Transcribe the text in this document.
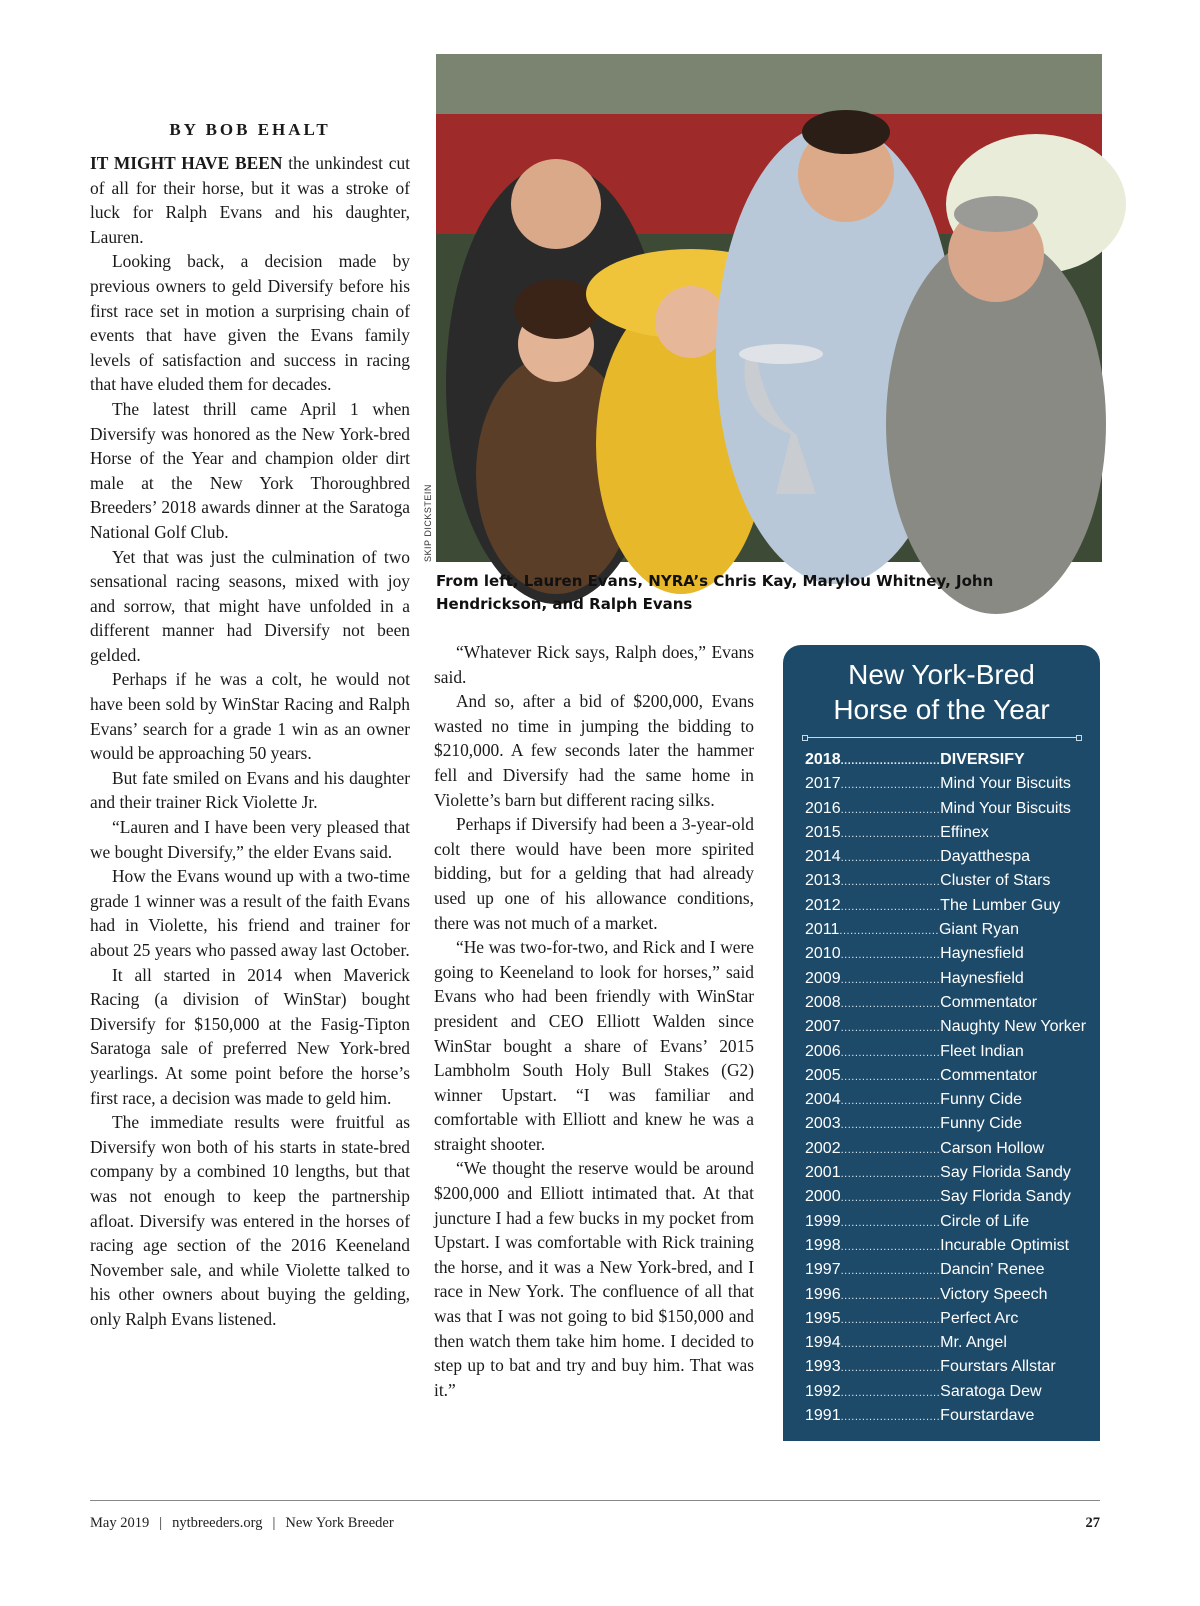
BY BOB EHALT

IT MIGHT HAVE BEEN the unkindest cut of all for their horse, but it was a stroke of luck for Ralph Evans and his daughter, Lauren.

Looking back, a decision made by previous owners to geld Diversify before his first race set in motion a surprising chain of events that have given the Evans family levels of satisfaction and success in racing that have eluded them for decades.

The latest thrill came April 1 when Diversify was honored as the New York-bred Horse of the Year and champion older dirt male at the New York Thoroughbred Breeders’ 2018 awards dinner at the Saratoga National Golf Club.

Yet that was just the culmination of two sensational racing seasons, mixed with joy and sorrow, that might have unfolded in a different manner had Diversify not been gelded.

Perhaps if he was a colt, he would not have been sold by WinStar Racing and Ralph Evans’ search for a grade 1 win as an owner would be approaching 50 years.

But fate smiled on Evans and his daughter and their trainer Rick Violette Jr.

“Lauren and I have been very pleased that we bought Diversify,” the elder Evans said.

How the Evans wound up with a two-time grade 1 winner was a result of the faith Evans had in Violette, his friend and trainer for about 25 years who passed away last October.

It all started in 2014 when Maverick Racing (a division of WinStar) bought Diversify for $150,000 at the Fasig-Tipton Saratoga sale of preferred New York-bred yearlings. At some point before the horse’s first race, a decision was made to geld him.

The immediate results were fruitful as Diversify won both of his starts in state-bred company by a combined 10 lengths, but that was not enough to keep the partnership afloat. Diversify was entered in the horses of racing age section of the 2016 Keeneland November sale, and while Violette talked to his other owners about buying the gelding, only Ralph Evans listened.

SKIP DICKSTEIN
From left, Lauren Evans, NYRA’s Chris Kay, Marylou Whitney, John Hendrickson, and Ralph Evans

“Whatever Rick says, Ralph does,” Evans said.

And so, after a bid of $200,000, Evans wasted no time in jumping the bidding to $210,000. A few seconds later the hammer fell and Diversify had the same home in Violette’s barn but different racing silks.

Perhaps if Diversify had been a 3-year-old colt there would have been more spirited bidding, but for a gelding that had already used up one of his allowance conditions, there was not much of a market.

“He was two-for-two, and Rick and I were going to Keeneland to look for horses,” said Evans who had been friendly with WinStar president and CEO Elliott Walden since WinStar bought a share of Evans’ 2015 Lambholm South Holy Bull Stakes (G2) winner Upstart. “I was familiar and comfortable with Elliott and knew he was a straight shooter.

“We thought the reserve would be around $200,000 and Elliott intimated that. At that juncture I had a few bucks in my pocket from Upstart. I was comfortable with Rick training the horse, and it was a New York-bred, and I race in New York. The confluence of all that was that I was not going to bid $150,000 and then watch them take him home. I decided to step up to bat and try and buy him. That was it.”

New York-Bred
Horse of the Year
2018 ............................ DIVERSIFY
2017 ............................ Mind Your Biscuits
2016 ............................ Mind Your Biscuits
2015 ............................ Effinex
2014 ............................ Dayatthespa
2013 ............................ Cluster of Stars
2012 ............................ The Lumber Guy
2011 ............................ Giant Ryan
2010 ............................ Haynesfield
2009 ............................ Haynesfield
2008 ............................ Commentator
2007 ............................ Naughty New Yorker
2006 ............................ Fleet Indian
2005 ............................ Commentator
2004 ............................ Funny Cide
2003 ............................ Funny Cide
2002 ............................ Carson Hollow
2001 ............................ Say Florida Sandy
2000 ............................ Say Florida Sandy
1999 ............................ Circle of Life
1998 ............................ Incurable Optimist
1997 ............................ Dancin’ Renee
1996 ............................ Victory Speech
1995 ............................ Perfect Arc
1994 ............................ Mr. Angel
1993 ............................ Fourstars Allstar
1992 ............................ Saratoga Dew
1991 ............................ Fourstardave
May 2019 | nytbreeders.org | New York Breeder	27
